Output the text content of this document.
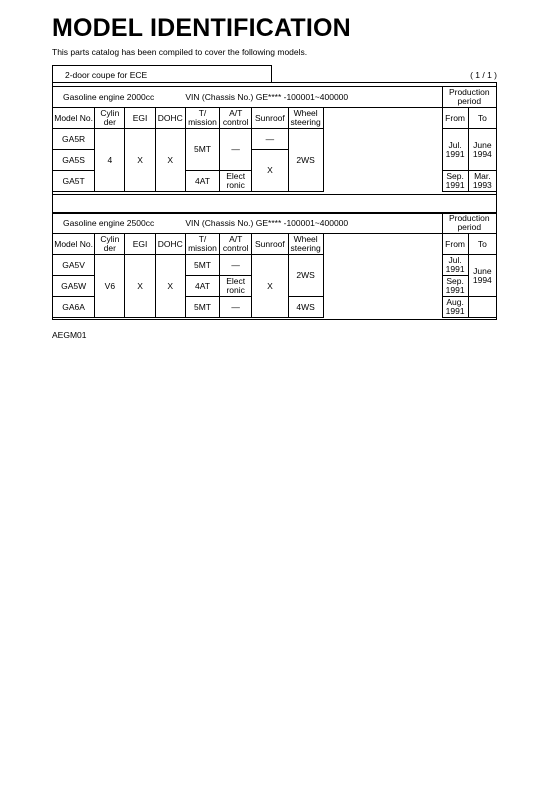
MODEL IDENTIFICATION
This parts catalog has been compiled to cover the following models.
2-door coupe for ECE	( 1 / 1 )
Gasoline engine 2000cc				VIN (Chassis No.) GE**** -100001~400000					Production period	
Model No.	Cylin der	EGI	DOHC	T/ mission	A/T control	Sunroof	Wheel steering		From	To
GA5R	4	X	X	5MT	—	—	2WS		Jul. 1991	June 1994
GA5S						X				
GA5T				4AT	Elect ronic				Sep. 1991	Mar. 1993
Gasoline engine 2500cc				VIN (Chassis No.) GE**** -100001~400000					Production period	
Model No.	Cylin der	EGI	DOHC	T/ mission	A/T control	Sunroof	Wheel steering		From	To
GA5V	V6	X	X	5MT	—	X	2WS		Jul. 1991	June 1994
GA5W				4AT	Elect ronic				Sep. 1991	
GA6A				5MT	—		4WS		Aug. 1991	
AEGM01
